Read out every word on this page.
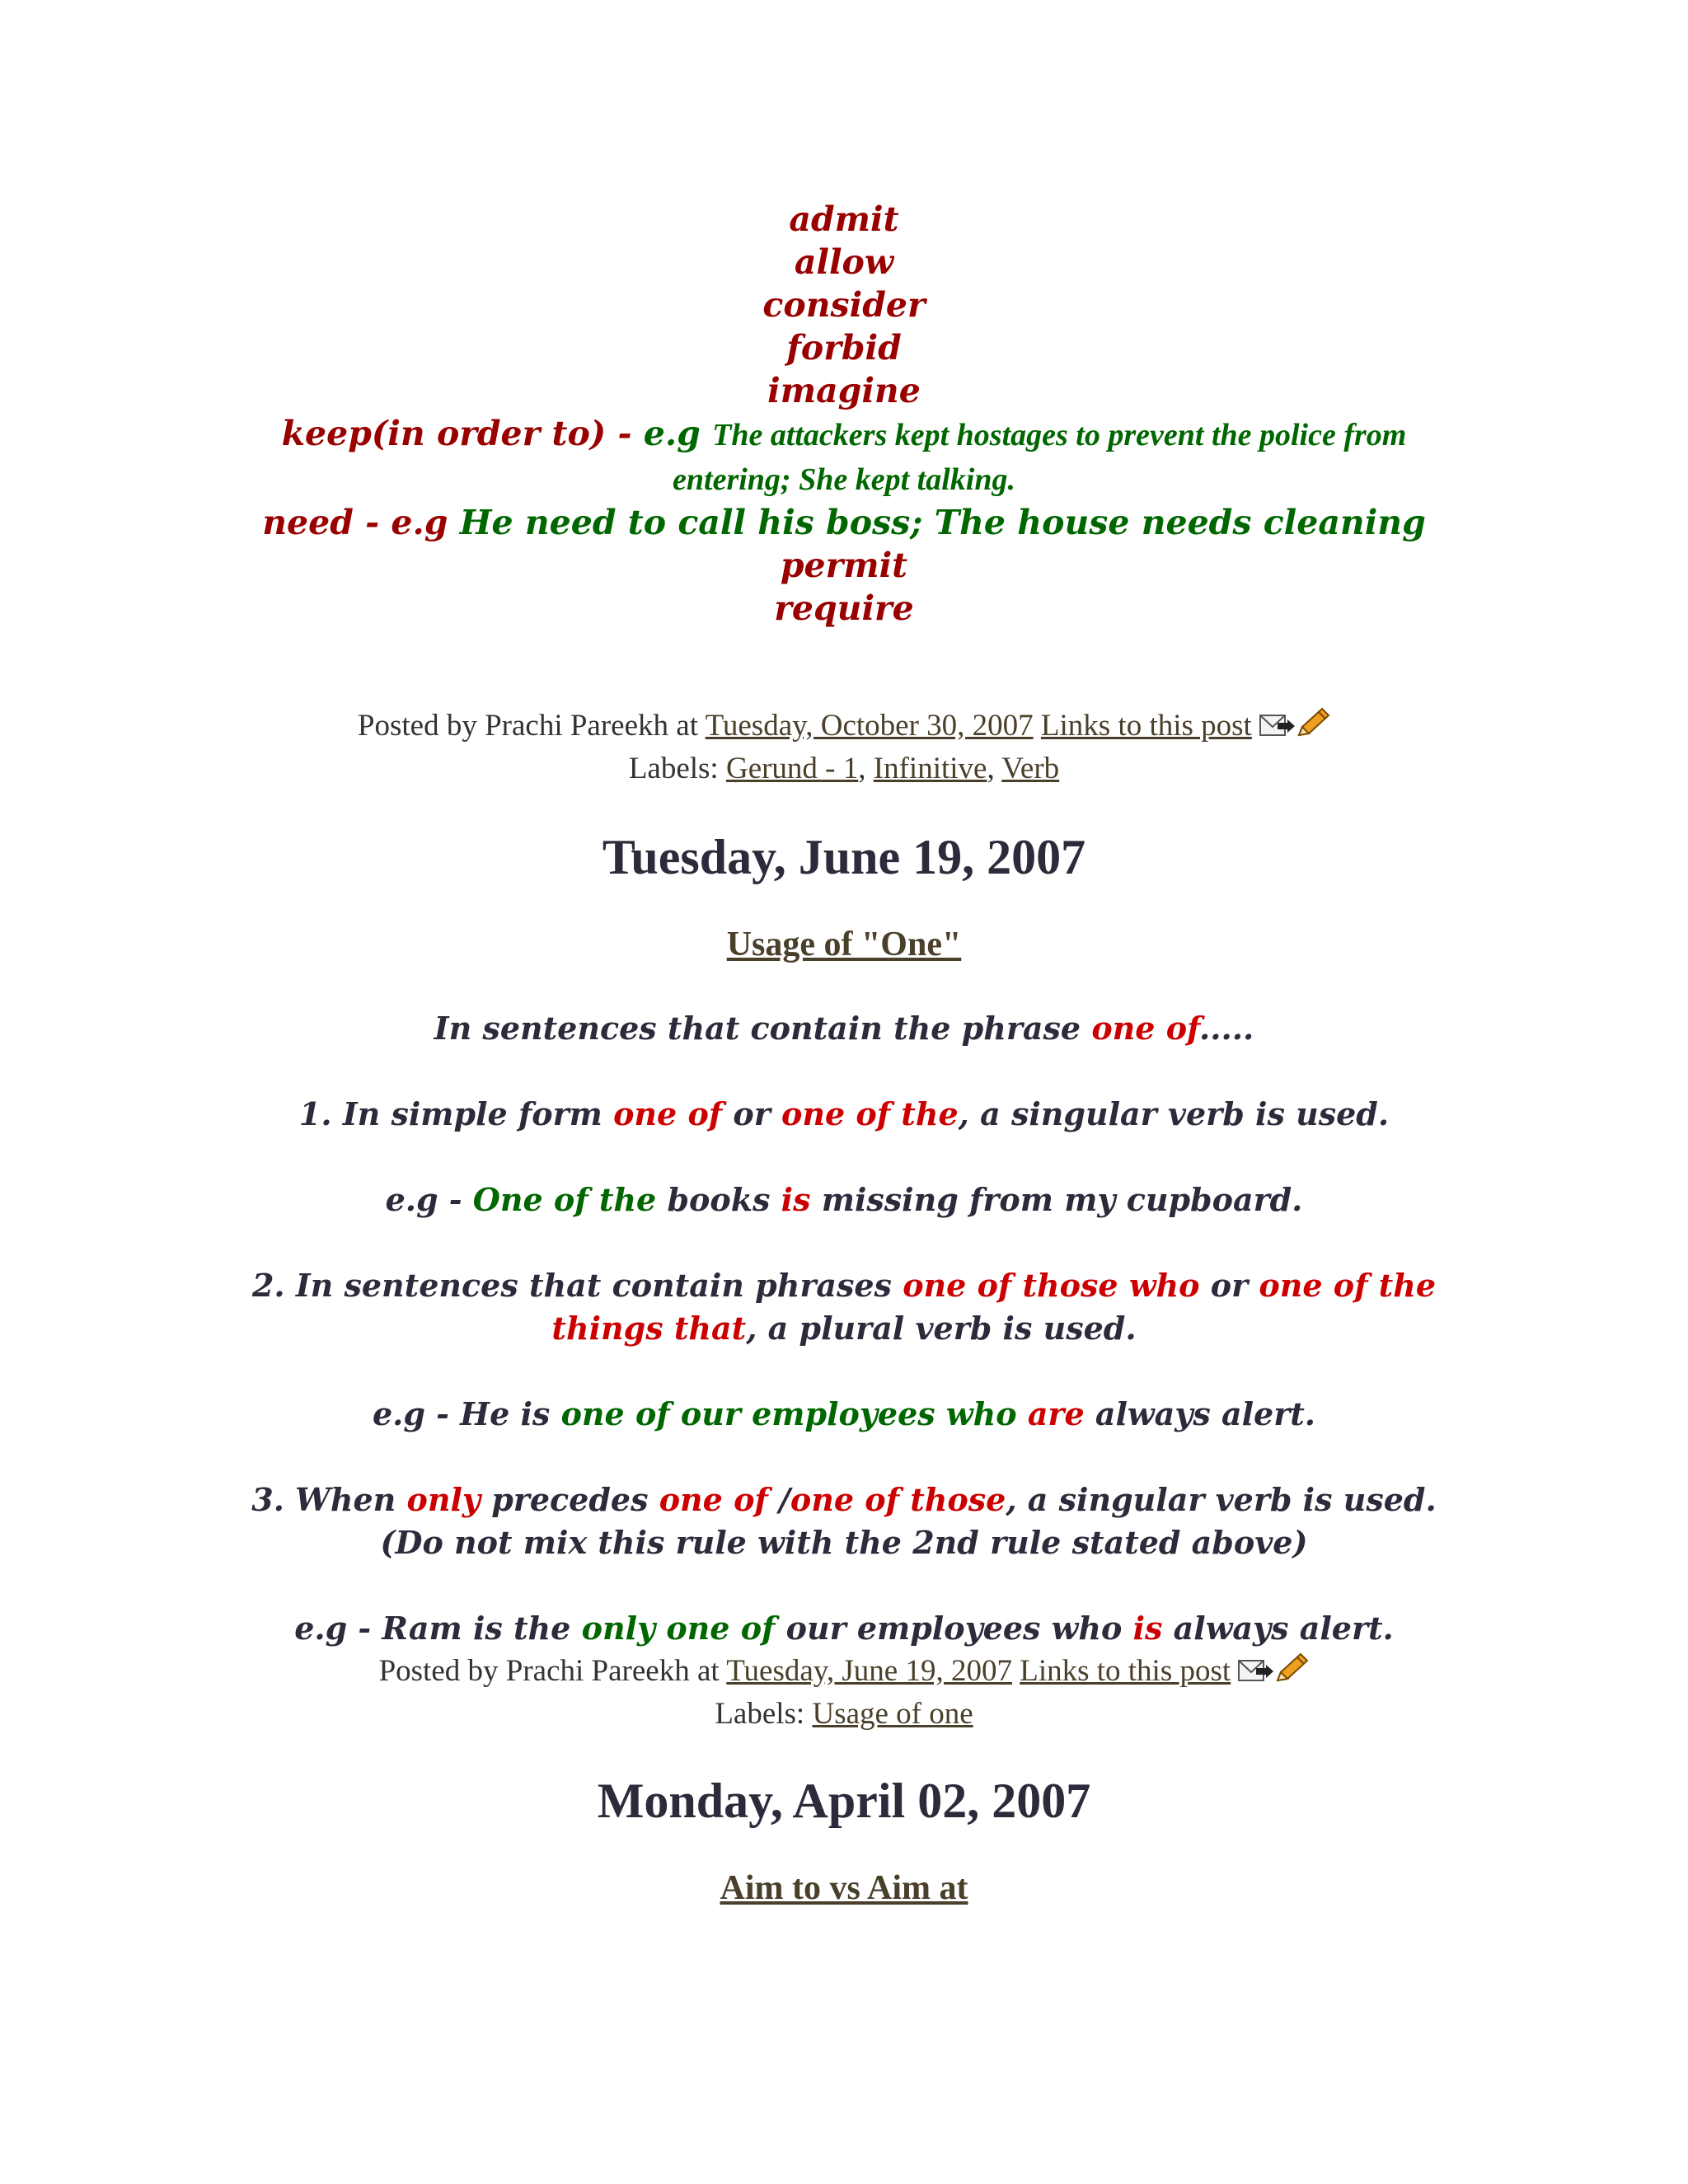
admit
allow
consider
forbid
imagine
keep(in order to) - e.g The attackers kept hostages to prevent the police from
entering; She kept talking.
need - e.g He need to call his boss; The house needs cleaning
permit
require
Posted by Prachi Pareekh at Tuesday, October 30, 2007 Links to this post
Labels: Gerund - 1, Infinitive, Verb
Tuesday, June 19, 2007
Usage of "One"
In sentences that contain the phrase one of.....
1. In simple form one of or one of the, a singular verb is used.
e.g - One of the books is missing from my cupboard.
2. In sentences that contain phrases one of those who or one of the
things that, a plural verb is used.
e.g - He is one of our employees who are always alert.
3. When only precedes one of /one of those, a singular verb is used.
(Do not mix this rule with the 2nd rule stated above)
e.g - Ram is the only one of our employees who is always alert.
Posted by Prachi Pareekh at Tuesday, June 19, 2007 Links to this post
Labels: Usage of one
Monday, April 02, 2007
Aim to vs Aim at
